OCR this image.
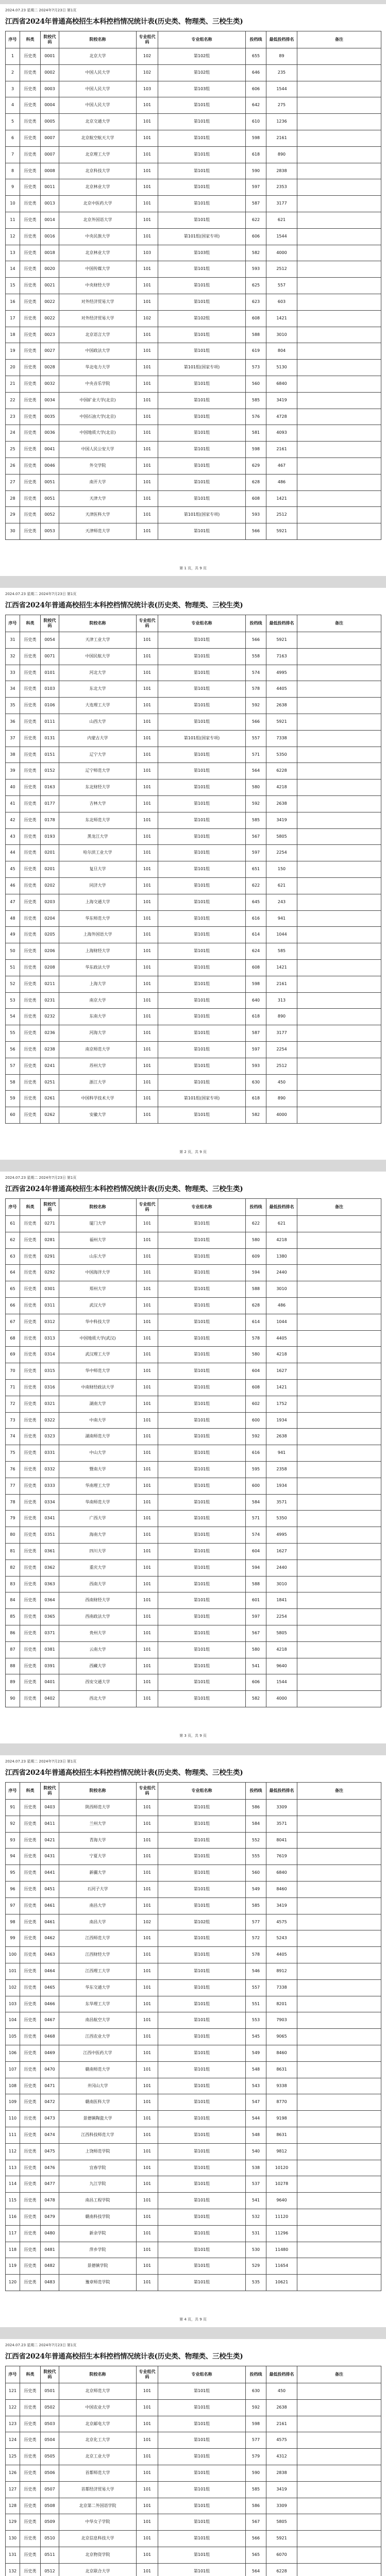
2024.07.23 星期二 2024年7月23日 第1页
江西省2024年普通高校招生本科控档情况统计表(历史类、物理类、三校生类)
序号	科类	院校代码	院校名称	专业组代码	专业组名称	投档线	最低投档排名	备注
1	历史类	0001	北京大学	102	第102组	655	89	
2	历史类	0002	中国人民大学	102	第102组	646	235	
3	历史类	0003	中国人民大学	103	第103组	606	1544	
4	历史类	0004	中国人民大学	101	第101组	642	275	
5	历史类	0005	北京交通大学	101	第101组	610	1236	
6	历史类	0007	北京航空航天大学	101	第101组	598	2161	
7	历史类	0007	北京理工大学	101	第101组	618	890	
8	历史类	0008	北京科技大学	101	第101组	590	2838	
9	历史类	0011	北京林业大学	101	第101组	597	2353	
10	历史类	0013	北京中医药大学	101	第101组	587	3177	
11	历史类	0014	北京外国语大学	101	第101组	622	621	
12	历史类	0016	中央民族大学	101	第101组(国家专项)	606	1544	
13	历史类	0018	北京林业大学	103	第103组	582	4000	
14	历史类	0020	中国传媒大学	101	第101组	593	2512	
15	历史类	0021	中央财经大学	101	第101组	625	557	
16	历史类	0022	对外经济贸易大学	101	第101组	623	603	
17	历史类	0022	对外经济贸易大学	102	第102组	608	1421	
18	历史类	0023	北京语言大学	101	第101组	588	3010	
19	历史类	0027	中国政法大学	101	第101组	619	804	
20	历史类	0028	华北电力大学	101	第101组(国家专项)	573	5130	
21	历史类	0032	中央音乐学院	101	第101组	560	6840	
22	历史类	0034	中国矿业大学(北京)	101	第101组	585	3419	
23	历史类	0035	中国石油大学(北京)	101	第101组	576	4728	
24	历史类	0036	中国地质大学(北京)	101	第101组	581	4093	
25	历史类	0041	中国人民公安大学	101	第101组	598	2161	
26	历史类	0046	外交学院	101	第101组	629	467	
27	历史类	0051	南开大学	101	第101组	628	486	
28	历史类	0051	天津大学	101	第101组	608	1421	
29	历史类	0052	天津医科大学	101	第101组(国家专项)	593	2512	
30	历史类	0053	天津师范大学	101	第101组	566	5921	
第 1 页，共 9 页
2024.07.23 星期二 2024年7月23日 第1页
江西省2024年普通高校招生本科控档情况统计表(历史类、物理类、三校生类)
序号	科类	院校代码	院校名称	专业组代码	专业组名称	投档线	最低投档排名	备注
31	历史类	0054	天津工业大学	101	第101组	566	5921	
32	历史类	0071	中国民航大学	101	第101组	558	7163	
33	历史类	0101	河北大学	101	第101组	574	4995	
34	历史类	0103	东北大学	101	第101组	578	4405	
35	历史类	0106	大连理工大学	101	第101组	592	2638	
36	历史类	0111	山西大学	101	第101组	566	5921	
37	历史类	0131	内蒙古大学	101	第101组(国家专项)	557	7338	
38	历史类	0151	辽宁大学	101	第101组	571	5350	
39	历史类	0152	辽宁师范大学	101	第101组	564	6228	
40	历史类	0163	东北财经大学	101	第101组	580	4218	
41	历史类	0177	吉林大学	101	第101组	592	2638	
42	历史类	0178	东北师范大学	101	第101组	585	3419	
43	历史类	0193	黑龙江大学	101	第101组	567	5805	
44	历史类	0201	哈尔滨工业大学	101	第101组	597	2254	
45	历史类	0201	复旦大学	101	第101组	651	150	
46	历史类	0202	同济大学	101	第101组	622	621	
47	历史类	0203	上海交通大学	101	第101组	645	243	
48	历史类	0204	华东师范大学	101	第101组	616	941	
49	历史类	0205	上海外国语大学	101	第101组	614	1044	
50	历史类	0206	上海财经大学	101	第101组	624	585	
51	历史类	0208	华东政法大学	101	第101组	608	1421	
52	历史类	0211	上海大学	101	第101组	598	2161	
53	历史类	0231	南京大学	101	第101组	640	313	
54	历史类	0232	东南大学	101	第101组	618	890	
55	历史类	0236	河海大学	101	第101组	587	3177	
56	历史类	0238	南京师范大学	101	第101组	597	2254	
57	历史类	0241	苏州大学	101	第101组	593	2512	
58	历史类	0251	浙江大学	101	第101组	630	450	
59	历史类	0261	中国科学技术大学	101	第101组(国家专项)	618	890	
60	历史类	0262	安徽大学	101	第101组	582	4000	
第 2 页，共 9 页
2024.07.23 星期二 2024年7月23日 第1页
江西省2024年普通高校招生本科控档情况统计表(历史类、物理类、三校生类)
序号	科类	院校代码	院校名称	专业组代码	专业组名称	投档线	最低投档排名	备注
61	历史类	0271	厦门大学	101	第101组	622	621	
62	历史类	0281	福州大学	101	第101组	580	4218	
63	历史类	0291	山东大学	101	第101组	609	1380	
64	历史类	0292	中国海洋大学	101	第101组	594	2440	
65	历史类	0301	郑州大学	101	第101组	588	3010	
66	历史类	0311	武汉大学	101	第101组	628	486	
67	历史类	0312	华中科技大学	101	第101组	614	1044	
68	历史类	0313	中国地质大学(武汉)	101	第101组	578	4405	
69	历史类	0314	武汉理工大学	101	第101组	580	4218	
70	历史类	0315	华中师范大学	101	第101组	604	1627	
71	历史类	0316	中南财经政法大学	101	第101组	608	1421	
72	历史类	0321	湖南大学	101	第101组	602	1752	
73	历史类	0322	中南大学	101	第101组	600	1934	
74	历史类	0323	湖南师范大学	101	第101组	592	2638	
75	历史类	0331	中山大学	101	第101组	616	941	
76	历史类	0332	暨南大学	101	第101组	595	2358	
77	历史类	0333	华南理工大学	101	第101组	600	1934	
78	历史类	0334	华南师范大学	101	第101组	584	3571	
79	历史类	0341	广西大学	101	第101组	571	5350	
80	历史类	0351	海南大学	101	第101组	574	4995	
81	历史类	0361	四川大学	101	第101组	604	1627	
82	历史类	0362	重庆大学	101	第101组	594	2440	
83	历史类	0363	西南大学	101	第101组	588	3010	
84	历史类	0364	西南财经大学	101	第101组	601	1841	
85	历史类	0365	西南政法大学	101	第101组	597	2254	
86	历史类	0371	贵州大学	101	第101组	567	5805	
87	历史类	0381	云南大学	101	第101组	580	4218	
88	历史类	0391	西藏大学	101	第101组	541	9640	
89	历史类	0401	西安交通大学	101	第101组	606	1544	
90	历史类	0402	西北大学	101	第101组	582	4000	
第 3 页，共 9 页
2024.07.23 星期二 2024年7月23日 第1页
江西省2024年普通高校招生本科控档情况统计表(历史类、物理类、三校生类)
序号	科类	院校代码	院校名称	专业组代码	专业组名称	投档线	最低投档排名	备注
91	历史类	0403	陕西师范大学	101	第101组	586	3309	
92	历史类	0411	兰州大学	101	第101组	584	3571	
93	历史类	0421	青海大学	101	第101组	552	8041	
94	历史类	0431	宁夏大学	101	第101组	555	7619	
95	历史类	0441	新疆大学	101	第101组	560	6840	
96	历史类	0451	石河子大学	101	第101组	549	8460	
97	历史类	0461	南昌大学	101	第101组	585	3419	
98	历史类	0461	南昌大学	102	第102组	577	4575	
99	历史类	0462	江西师范大学	101	第101组	572	5243	
100	历史类	0463	江西财经大学	101	第101组	578	4405	
101	历史类	0464	江西理工大学	101	第101组	546	8912	
102	历史类	0465	华东交通大学	101	第101组	557	7338	
103	历史类	0466	东华理工大学	101	第101组	551	8201	
104	历史类	0467	南昌航空大学	101	第101组	553	7903	
105	历史类	0468	江西农业大学	101	第101组	545	9065	
106	历史类	0469	江西中医药大学	101	第101组	549	8460	
107	历史类	0470	赣南师范大学	101	第101组	548	8631	
108	历史类	0471	井冈山大学	101	第101组	543	9338	
109	历史类	0472	赣南医科大学	101	第101组	547	8770	
110	历史类	0473	景德镇陶瓷大学	101	第101组	544	9198	
111	历史类	0474	江西科技师范大学	101	第101组	548	8631	
112	历史类	0475	上饶师范学院	101	第101组	540	9812	
113	历史类	0476	宜春学院	101	第101组	538	10120	
114	历史类	0477	九江学院	101	第101组	537	10278	
115	历史类	0478	南昌工程学院	101	第101组	541	9640	
116	历史类	0479	赣南科技学院	101	第101组	532	11120	
117	历史类	0480	新余学院	101	第101组	531	11296	
118	历史类	0481	萍乡学院	101	第101组	530	11480	
119	历史类	0482	景德镇学院	101	第101组	529	11654	
120	历史类	0483	豫章师范学院	101	第101组	535	10621	
第 4 页，共 9 页
2024.07.23 星期二 2024年7月23日 第1页
江西省2024年普通高校招生本科控档情况统计表(历史类、物理类、三校生类)
序号	科类	院校代码	院校名称	专业组代码	专业组名称	投档线	最低投档排名	备注
121	历史类	0501	北京师范大学	101	第101组	630	450	
122	历史类	0502	中国农业大学	101	第101组	592	2638	
123	历史类	0503	北京邮电大学	101	第101组	598	2161	
124	历史类	0504	北京化工大学	101	第101组	577	4575	
125	历史类	0505	北京工业大学	101	第101组	579	4312	
126	历史类	0506	首都师范大学	101	第101组	590	2838	
127	历史类	0507	首都经济贸易大学	101	第101组	585	3419	
128	历史类	0508	北京第二外国语学院	101	第101组	586	3309	
129	历史类	0509	中华女子学院	101	第101组	567	5805	
130	历史类	0510	北京信息科技大学	101	第101组	566	5921	
131	历史类	0511	北京物资学院	101	第101组	565	6070	
132	历史类	0512	北京联合大学	101	第101组	564	6228	
